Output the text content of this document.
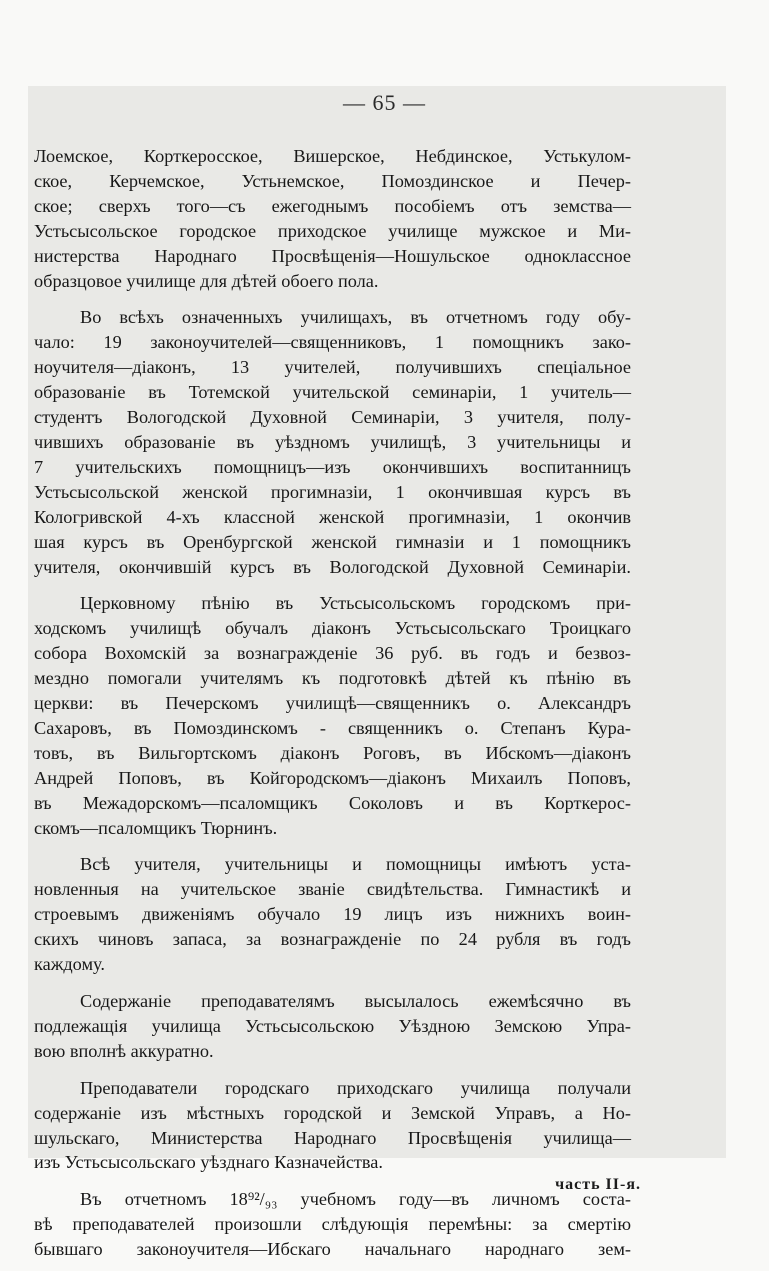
— 65 —

Лоемское, Корткеросское, Вишерское, Небдинское, Устькулом-
ское, Керчемское, Устьнемское, Помоздинское и Печер-
ское; сверхъ того—съ ежегоднымъ пособіемъ отъ земства—
Устьсысольское городское приходское училище мужское и Ми-
нистерства Народнаго Просвѣщенія—Ношульское одноклассное
образцовое училище для дѣтей обоего пола.

Во всѣхъ означенныхъ училищахъ, въ отчетномъ году обу-
чало: 19 законоучителей—священниковъ, 1 помощникъ зако-
ноучителя—діаконъ, 13 учителей, получившихъ спеціальное
образованіе въ Тотемской учительской семинаріи, 1 учитель—
студентъ Вологодской Духовной Семинаріи, 3 учителя, полу-
чившихъ образованіе въ уѣздномъ училищѣ, 3 учительницы и
7 учительскихъ помощницъ—изъ окончившихъ воспитанницъ
Устьсысольской женской прогимназіи, 1 окончившая курсъ въ
Кологривской 4-хъ классной женской прогимназіи, 1 окончив
шая курсъ въ Оренбургской женской гимназіи и 1 помощникъ
учителя, окончившій курсъ въ Вологодской Духовной Семинаріи.

Церковному пѣнію въ Устьсысольскомъ городскомъ при-
ходскомъ училищѣ обучалъ діаконъ Устьсысольскаго Троицкаго
собора Вохомскій за вознагражденіе 36 руб. въ годъ и безвоз-
мездно помогали учителямъ къ подготовкѣ дѣтей къ пѣнію въ
церкви: въ Печерскомъ училищѣ—священникъ о. Александръ
Сахаровъ, въ Помоздинскомъ - священникъ о. Степанъ Кура-
товъ, въ Вильгортскомъ діаконъ Роговъ, въ Ибскомъ—діаконъ
Андрей Поповъ, въ Койгородскомъ—діаконъ Михаилъ Поповъ,
въ Межадорскомъ—псаломщикъ Соколовъ и въ Корткерос-
скомъ—псаломщикъ Тюрнинъ.

Всѣ учителя, учительницы и помощницы имѣютъ уста-
новленныя на учительское званіе свидѣтельства. Гимнастикѣ и
строевымъ движеніямъ обучало 19 лицъ изъ нижнихъ воин-
скихъ чиновъ запаса, за вознагражденіе по 24 рубля въ годъ
каждому.

Содержаніе преподавателямъ высылалось ежемѣсячно въ
подлежащія училища Устьсысольскою Уѣздною Земскою Упра-
вою вполнѣ аккуратно.

Преподаватели городскаго приходскаго училища получали
содержаніе изъ мѣстныхъ городской и Земской Управъ, а Но-
шульскаго, Министерства Народнаго Просвѣщенія училища—
изъ Устьсысольскаго уѣзднаго Казначейства.

Въ отчетномъ 18⁹²/₉₃ учебномъ году—въ личномъ соста-
вѣ преподавателей произошли слѣдующія перемѣны: за смертію
бывшаго законоучителя—Ибскаго начальнаго народнаго зем-

часть II-я.
